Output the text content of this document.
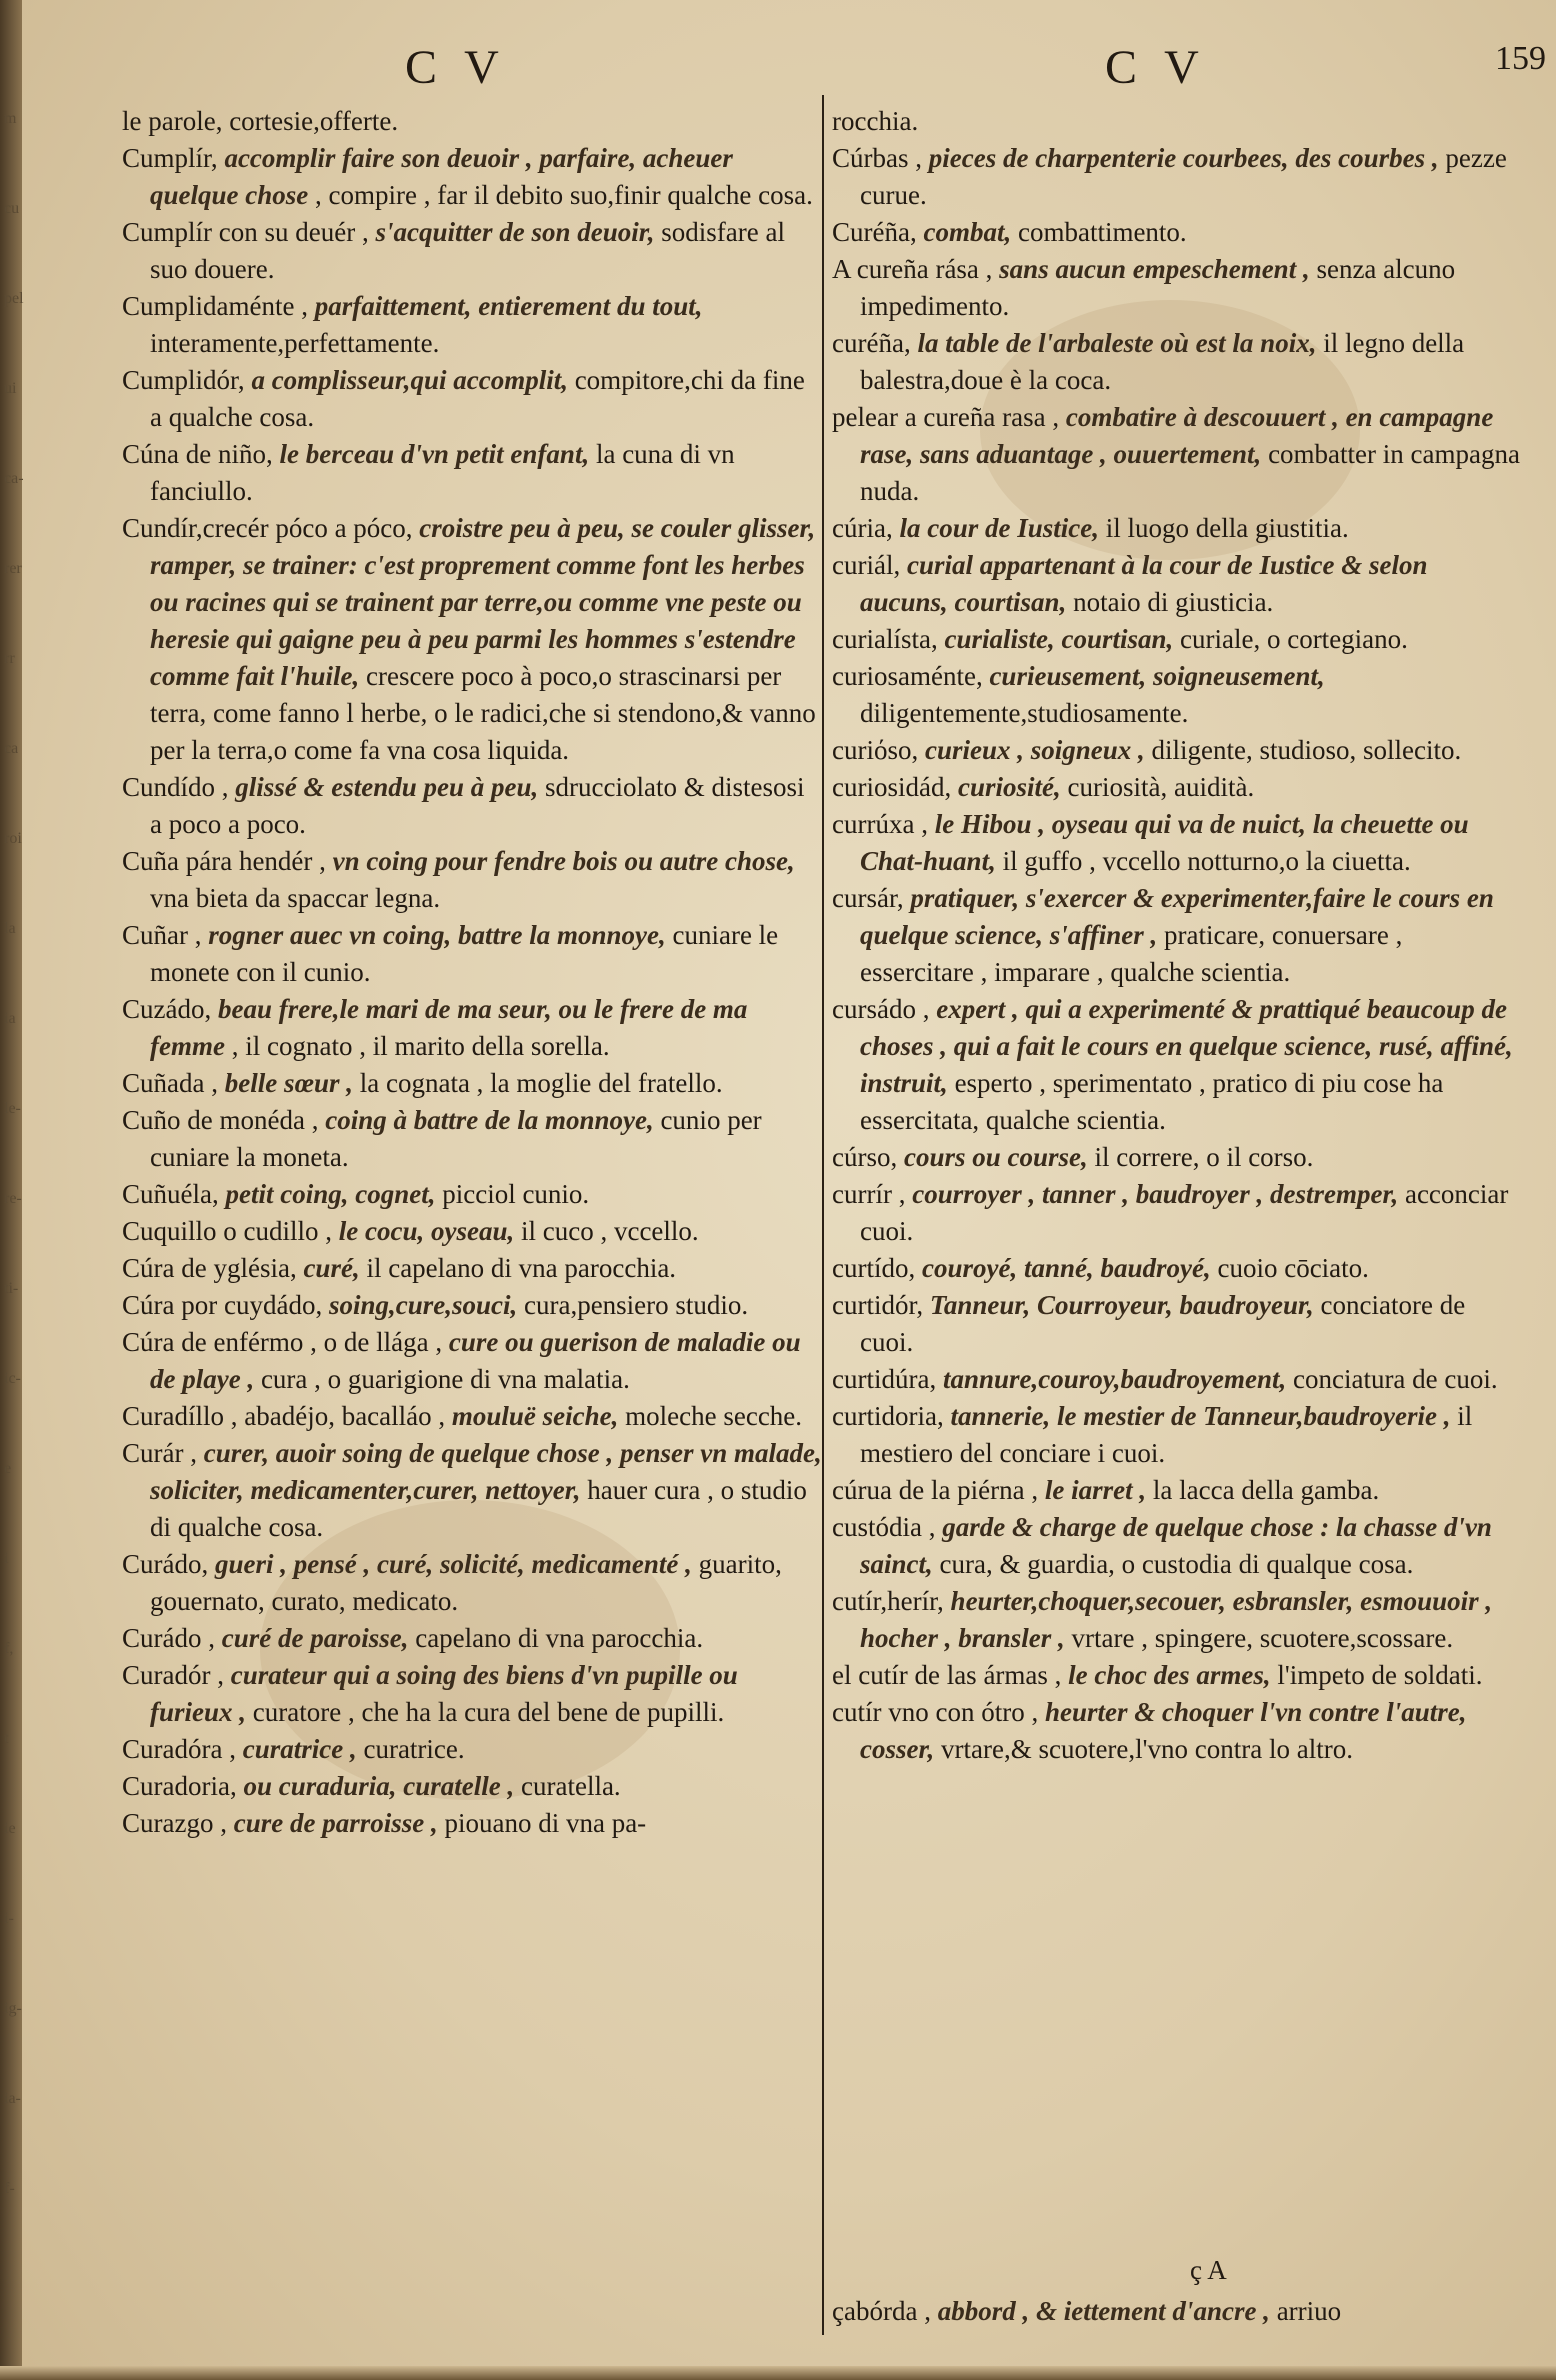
m
cu
pel
ui
ca-
rer
rr
ca
roi
la
ia
le-
re-
ti-
ic-
e
i
f,
t
ie
i-
ig-
ia-
f-
C V	C V	159

le parole, cortesie,offerte.

Cumplír, accomplir faire son deuoir , parfaire, acheuer quelque chose , compire , far il debito suo,finir qualche cosa.

Cumplír con su deuér , s'acquitter de son deuoir, sodisfare al suo douere.

Cumplidaménte , parfaittement, entierement du tout, interamente,perfettamente.

Cumplidór, a complisseur,qui accomplit, compitore,chi da fine a qualche cosa.

Cúna de niño, le berceau d'vn petit enfant, la cuna di vn fanciullo.

Cundír,crecér póco a póco, croistre peu à peu, se couler glisser, ramper, se trainer: c'est proprement comme font les herbes ou racines qui se trainent par terre,ou comme vne peste ou heresie qui gaigne peu à peu parmi les hommes s'estendre comme fait l'huile, crescere poco à poco,o strascinarsi per terra, come fanno l herbe, o le radici,che si stendono,& vanno per la terra,o come fa vna cosa liquida.

Cundído , glissé & estendu peu à peu, sdrucciolato & distesosi a poco a poco.

Cuña pára hendér , vn coing pour fendre bois ou autre chose, vna bieta da spaccar legna.

Cuñar , rogner auec vn coing, battre la monnoye, cuniare le monete con il cunio.

Cuzádo, beau frere,le mari de ma seur, ou le frere de ma femme , il cognato , il marito della sorella.

Cuñada , belle sœur , la cognata , la moglie del fratello.

Cuño de monéda , coing à battre de la monnoye, cunio per cuniare la moneta.

Cuñuéla, petit coing, cognet, picciol cunio.

Cuquillo o cudillo , le cocu, oyseau, il cuco , vccello.

Cúra de yglésia, curé, il capelano di vna parocchia.

Cúra por cuydádo, soing,cure,souci, cura,pensiero studio.

Cúra de enférmo , o de llága , cure ou guerison de maladie ou de playe , cura , o guarigione di vna malatia.

Curadíllo , abadéjo, bacalláo , mouluë seiche, moleche secche.

Curár , curer, auoir soing de quelque chose , penser vn malade, soliciter, medicamenter,curer, nettoyer, hauer cura , o studio di qualche cosa.

Curádo, gueri , pensé , curé, solicité, medicamenté , guarito, gouernato, curato, medicato.

Curádo , curé de paroisse, capelano di vna parocchia.

Curadór , curateur qui a soing des biens d'vn pupille ou furieux , curatore , che ha la cura del bene de pupilli.

Curadóra , curatrice , curatrice.

Curadoria, ou curaduria, curatelle , curatella.

Curazgo , cure de parroisse , piouano di vna pa-

rocchia.

Cúrbas , pieces de charpenterie courbees, des courbes , pezze curue.

Curéña, combat, combattimento.

A cureña rása , sans aucun empeschement , senza alcuno impedimento.

curéña, la table de l'arbaleste où est la noix, il legno della balestra,doue è la coca.

pelear a cureña rasa , combatire à descouuert , en campagne rase, sans aduantage , ouuertement, combatter in campagna nuda.

cúria, la cour de Iustice, il luogo della giustitia.

curiál, curial appartenant à la cour de Iustice & selon aucuns, courtisan, notaio di giusticia.

curialísta, curialiste, courtisan, curiale, o cortegiano.

curiosaménte, curieusement, soigneusement, diligentemente,studiosamente.

curiόso, curieux , soigneux , diligente, studioso, sollecito.

curiosidád, curiosité, curiosità, auidità.

currúxa , le Hibou , oyseau qui va de nuict, la cheuette ou Chat-huant, il guffo , vccello notturno,o la ciuetta.

cursár, pratiquer, s'exercer & experimenter,faire le cours en quelque science, s'affiner , praticare, conuersare , essercitare , imparare , qualche scientia.

cursádo , expert , qui a experimenté & prattiqué beaucoup de choses , qui a fait le cours en quelque science, rusé, affiné, instruit, esperto , sperimentato , pratico di piu cose ha essercitata, qualche scientia.

cúrso, cours ou course, il correre, o il corso.

currír , courroyer , tanner , baudroyer , destremper, acconciar cuoi.

curtído, couroyé, tanné, baudroyé, cuoio cōciato.

curtidór, Tanneur, Courroyeur, baudroyeur, conciatore de cuoi.

curtidúra, tannure,couroy,baudroyement, conciatura de cuoi.

curtidoria, tannerie, le mestier de Tanneur,baudroyerie , il mestiero del conciare i cuoi.

cúrua de la piérna , le iarret , la lacca della gamba.

custódia , garde & charge de quelque chose : la chasse d'vn sainct, cura, & guardia, o custodia di qualque cosa.

cutír,herír, heurter,choquer,secouer, esbransler, esmouuoir , hocher , bransler , vrtare , spingere, scuotere,scossare.

el cutír de las ármas , le choc des armes, l'impeto de soldati.

cutír vno con ótro , heurter & choquer l'vn contre l'autre, cosser, vrtare,& scuotere,l'vno contra lo altro.

çabórda , abbord , & iettement d'ancre , arriuo

ç A
